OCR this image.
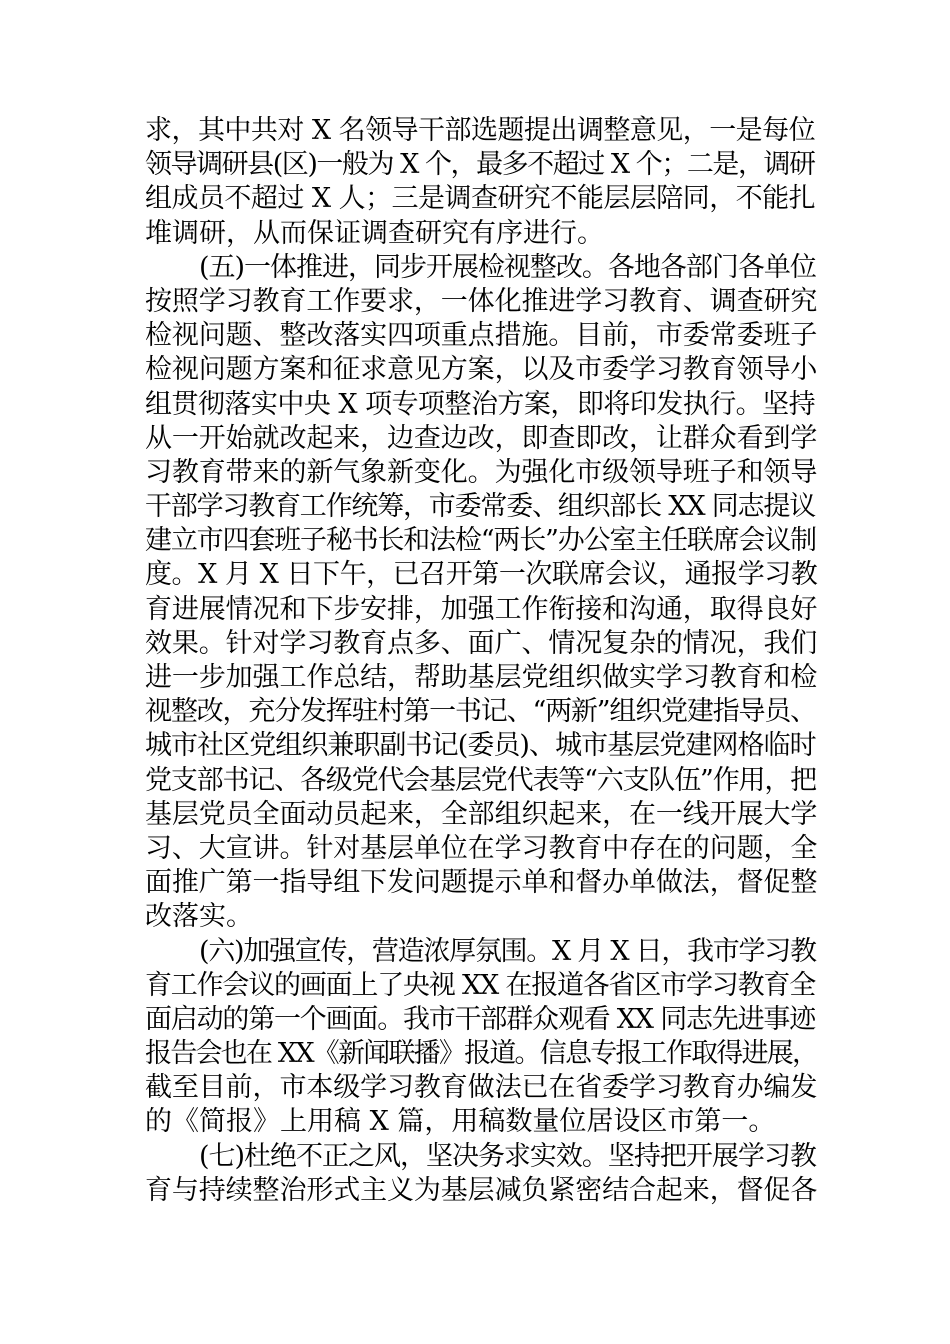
求，其中共对 X 名领导干部选题提出调整意见，一是每位
领导调研县(区)一般为 X 个，最多不超过 X 个；二是，调研
组成员不超过 X 人；三是调查研究不能层层陪同，不能扎
堆调研，从而保证调查研究有序进行。
(五)一体推进，同步开展检视整改。各地各部门各单位
按照学习教育工作要求，一体化推进学习教育、调查研究
检视问题、整改落实四项重点措施。目前，市委常委班子
检视问题方案和征求意见方案，以及市委学习教育领导小
组贯彻落实中央 X 项专项整治方案，即将印发执行。坚持
从一开始就改起来，边查边改，即查即改，让群众看到学
习教育带来的新气象新变化。为强化市级领导班子和领导
干部学习教育工作统筹，市委常委、组织部长 XX 同志提议
建立市四套班子秘书长和法检“两长”办公室主任联席会议制
度。X 月 X 日下午，已召开第一次联席会议，通报学习教
育进展情况和下步安排，加强工作衔接和沟通，取得良好
效果。针对学习教育点多、面广、情况复杂的情况，我们
进一步加强工作总结，帮助基层党组织做实学习教育和检
视整改，充分发挥驻村第一书记、“两新”组织党建指导员、
城市社区党组织兼职副书记(委员)、城市基层党建网格临时
党支部书记、各级党代会基层党代表等“六支队伍”作用，把
基层党员全面动员起来，全部组织起来，在一线开展大学
习、大宣讲。针对基层单位在学习教育中存在的问题，全
面推广第一指导组下发问题提示单和督办单做法，督促整
改落实。
(六)加强宣传，营造浓厚氛围。X 月 X 日，我市学习教
育工作会议的画面上了央视 XX 在报道各省区市学习教育全
面启动的第一个画面。我市干部群众观看 XX 同志先进事迹
报告会也在 XX《新闻联播》报道。信息专报工作取得进展，
截至目前，市本级学习教育做法已在省委学习教育办编发
的《简报》上用稿 X 篇，用稿数量位居设区市第一。
(七)杜绝不正之风，坚决务求实效。坚持把开展学习教
育与持续整治形式主义为基层减负紧密结合起来，督促各
